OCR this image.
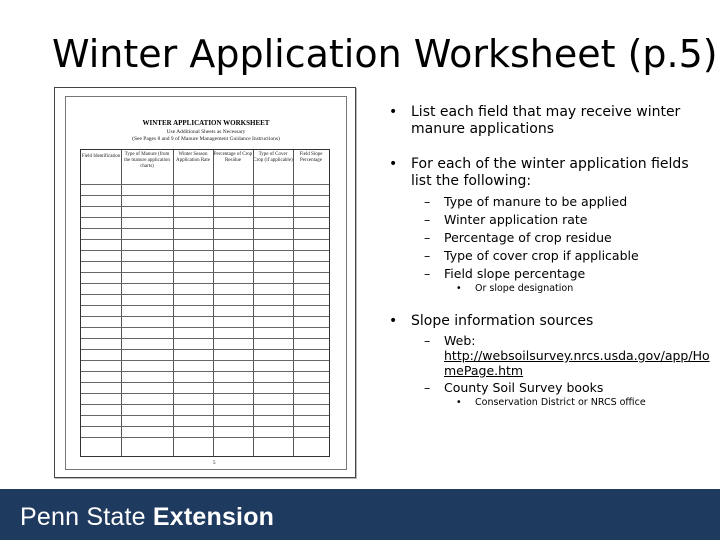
Winter Application Worksheet (p.5)
WINTER APPLICATION WORKSHEET
Use Additional Sheets as Necessary
(See Pages 8 and 9 of Manure Management Guidance Instructions)
Field Identification Type of Manure (from the manure application charts)
Winter Season Application Rate
Percentage of Crop Residue
Type of Cover Crop (if applicable)
Field Slope Percentage
5
• List each field that may receive winter manure applications
• For each of the winter application fields list the following:
– Type of manure to be applied
– Winter application rate
– Percentage of crop residue
– Type of cover crop if applicable
– Field slope percentage
• Or slope designation
• Slope information sources
– Web:
http://websoilsurvey.nrcs.usda.gov/app/HomePage.htm
– County Soil Survey books
• Conservation District or NRCS office
Penn State Extension
